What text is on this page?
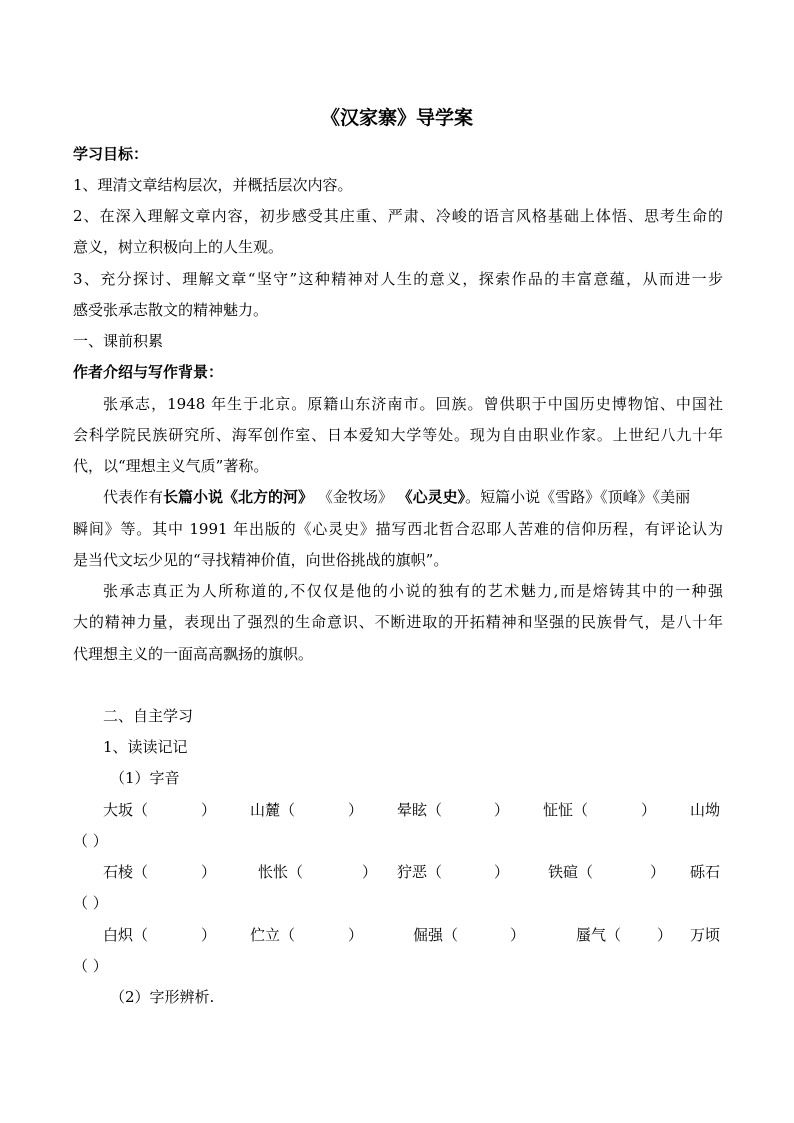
《汉家寨》导学案
学习目标：
1、理清文章结构层次，并概括层次内容。
2、在深入理解文章内容，初步感受其庄重、严肃、冷峻的语言风格基础上体悟、思考生命的
意义，树立积极向上的人生观。
3、充分探讨、理解文章“坚守”这种精神对人生的意义，探索作品的丰富意蕴，从而进一步
感受张承志散文的精神魅力。
一、课前积累
作者介绍与写作背景：
张承志，1948 年生于北京。原籍山东济南市。回族。曾供职于中国历史博物馆、中国社
会科学院民族研究所、海军创作室、日本爱知大学等处。现为自由职业作家。上世纪八九十年
代，以“理想主义气质”著称。
代表作有长篇小说《北方的河》 《金牧场》 《心灵史》。短篇小说《雪路》《顶峰》《美丽
瞬间》等。其中 1991 年出版的《心灵史》描写西北哲合忍耶人苦难的信仰历程，有评论认为
是当代文坛少见的“寻找精神价值，向世俗挑战的旗帜”。
张承志真正为人所称道的,不仅仅是他的小说的独有的艺术魅力,而是熔铸其中的一种强
大的精神力量，表现出了强烈的生命意识、不断进取的开拓精神和坚强的民族骨气，是八十年
代理想主义的一面高高飘扬的旗帜。
二、自主学习
1、读读记记
（1）字音
大坂（	） 山麓（	） 晕眩（	） 怔怔（	） 山坳
（ ）
石棱（	）	怅怅（	） 狞恶（	）	铁碹（	） 砾石
（ ）
白炽（	） 伫立（	）	倔强（	）	蜃气（ ） 万顷
（ ）
（2）字形辨析.
